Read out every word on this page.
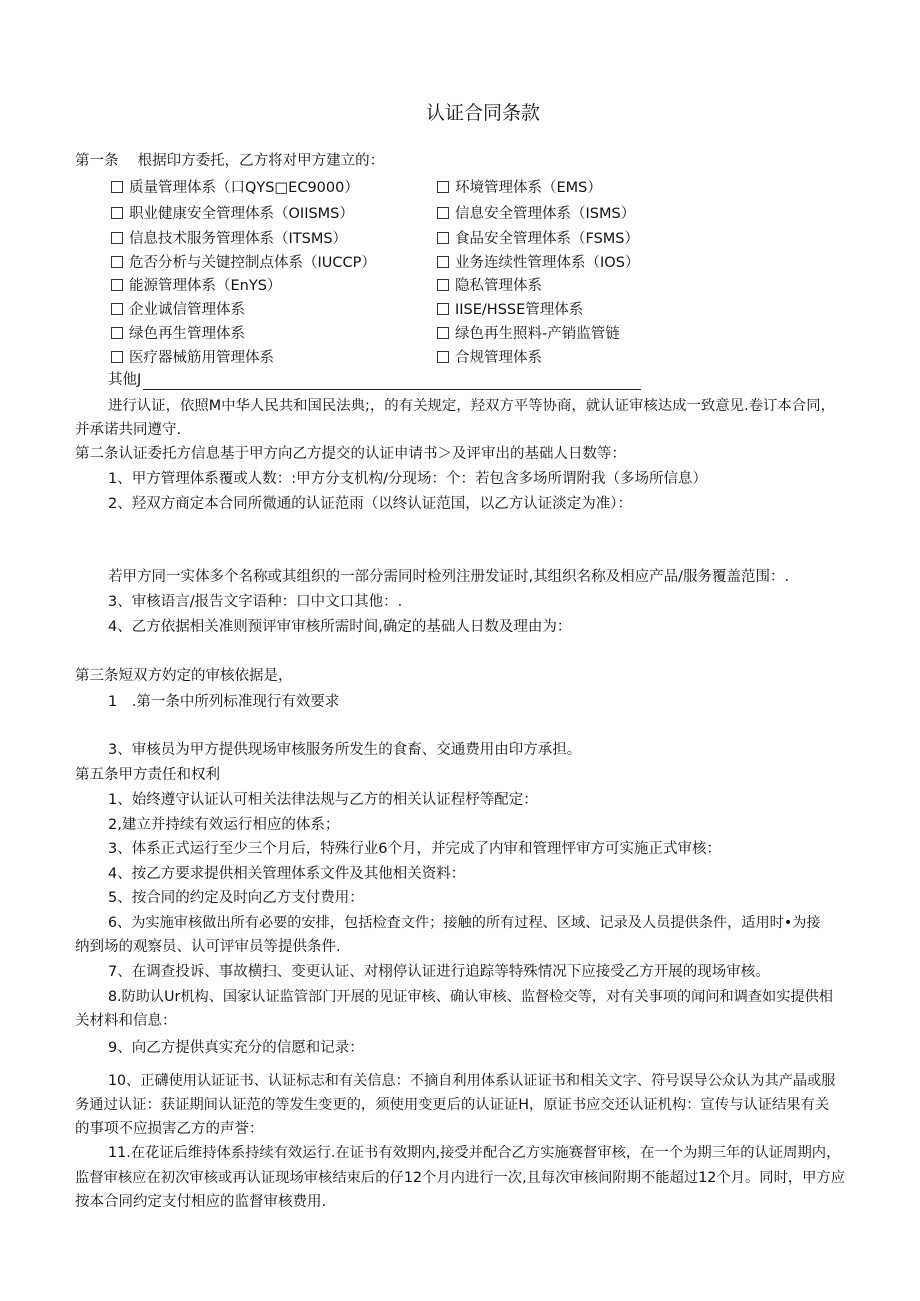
认证合同条款
第一条　 根据印方委托，乙方将对甲方建立的：
质量管理体系（口QYS□EC9000）
职业健康安全管理体系（OIISMS）
信息技术服务管理体系（ITSMS）
危否分析与关键控制点体系（IUCCP）
能源管理体系（EnYS）
企业诚信管理体系
绿色再生管理体系
医疗器械筋用管理体系
环境管理体系（EMS）
信息安全管理体系（ISMS）
食品安全管理体系（FSMS）
业务连续性管理体系（IOS）
隐私管理体系
IISE/HSSE管理体系
绿色再生照料-产销监管链
合规管理体系
其他J
进行认证，依照M中华人民共和国民法典;，的有关规定，羟双方平等协商，就认证审核达成一致意见.卷订本合同，
并承诺共同遵守.
第二条认证委托方信息基于甲方向乙方提交的认证申请书＞及评审出的基础人日数等：
1、甲方管理体系覆或人数：:甲方分支机构/分现场：个：若包含多场所谓附我（多场所信息）
2、羟双方商定本合同所微通的认证范雨（以终认证范国，以乙方认证淡定为准）：
若甲方同一实体多个名称或其组织的一部分需同时检列注册发证时,其组织名称及相应产品/服务覆盖范围：.
3、审核语言/报告文字语种：口中文口其他：.
4、乙方依据相关准则预评审审核所需时间,确定的基础人日数及理由为：
第三条短双方妁定的审核依据是，
1　.第一条中所列标准现行有效要求
3、审核员为甲方提供现场审核服务所发生的食畜、交通费用由印方承担。
第五条甲方责任和权利
1、始终遵守认证认可相关法律法规与乙方的相关认证程杼等配定：
2,建立并持续有效运行相应的体系；
3、体系正式运行至少三个月后，特殊行业6个月，并完成了内审和管理怦审方可实施正式审核：
4、按乙方要求提供相关管理体系文件及其他相关资料：
5、按合同的约定及时向乙方支付费用：
6、为实施审核做出所有必要的安排，包括检査文件；接触的所有过程、区域、记录及人员提供条件，适用时•为接
纳到场的观察员、认可评审员等提供条件.
7、在调查投诉、事故横扫、变更认证、对栩停认证进行追踪等特殊情况下应接受乙方开展的现场审核。
8.防助认Ur机构、国家认证监管部门开展的见证审核、确认审核、监督检交等，对有关事项的闻问和调查如实提供相
关材料和信息：
9、向乙方提供真实充分的信愿和记录：
10、正礴使用认证证书、认证标志和有关信息：不摘自利用体系认证证书和相关文字、符号误导公众认为其产晶或服
务通过认证：获证期间认证范的等发生变更的，须使用变更后的认证证H，原证书应交还认证机构：宣传与认证结果有关
的事项不应损害乙方的声誉：
11.在花证后维持体系持续有效运行.在证书有效期内,接受并配合乙方实施赛督审核，在一个为期三年的认证周期内，
监督审核应在初次审核或再认证现场审核结束后的仔12个月内进行一次,且每次审核间附期不能超过12个月。同时，甲方应
按本合同约定支付相应的监督审核费用.
